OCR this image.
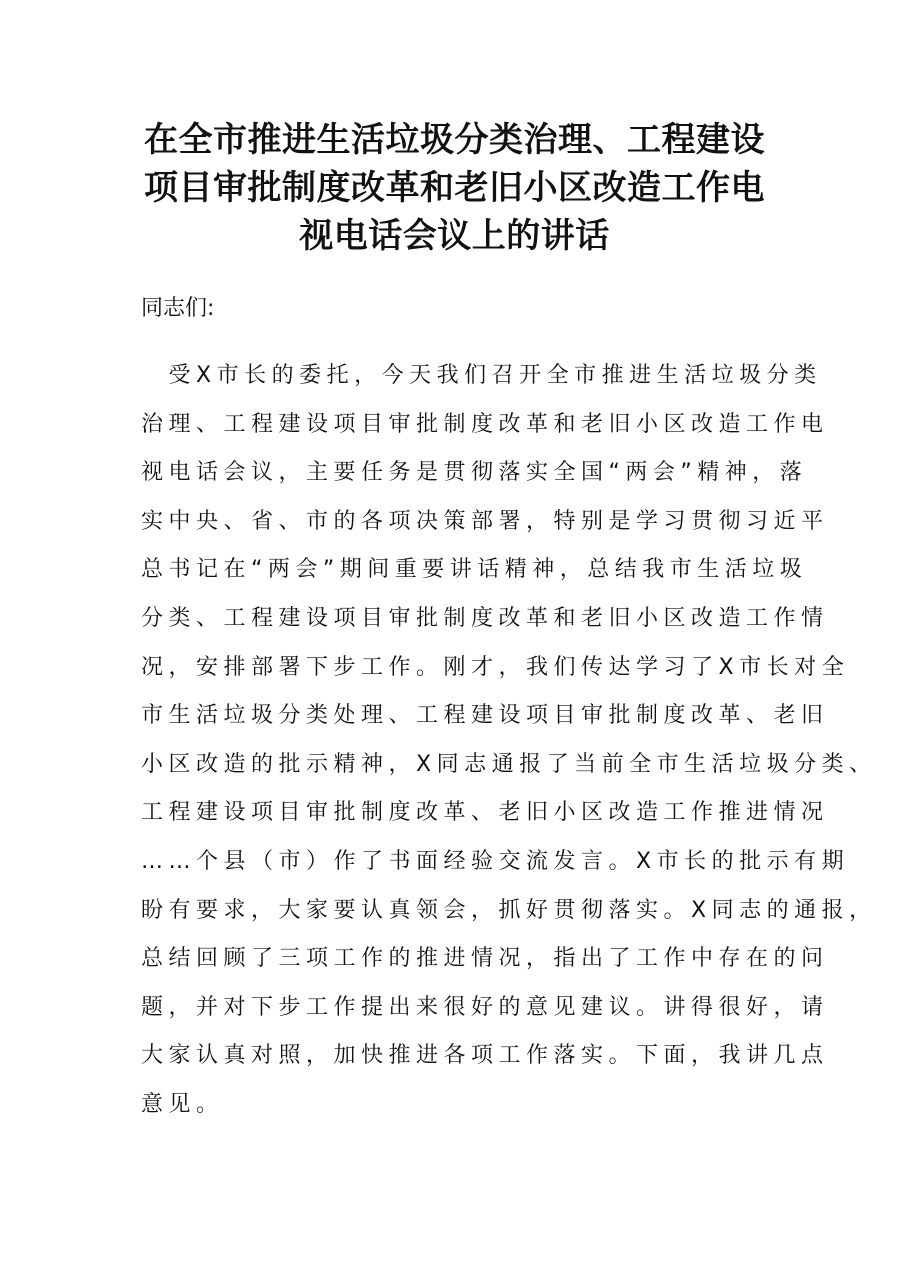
在全市推进生活垃圾分类治理、工程建设
项目审批制度改革和老旧小区改造工作电
视电话会议上的讲话

同志们:

　受X市长的委托，今天我们召开全市推进生活垃圾分类
治理、工程建设项目审批制度改革和老旧小区改造工作电
视电话会议，主要任务是贯彻落实全国“两会”精神，落
实中央、省、市的各项决策部署，特别是学习贯彻习近平
总书记在“两会”期间重要讲话精神，总结我市生活垃圾
分类、工程建设项目审批制度改革和老旧小区改造工作情
况，安排部署下步工作。刚才，我们传达学习了X市长对全
市生活垃圾分类处理、工程建设项目审批制度改革、老旧
小区改造的批示精神，X同志通报了当前全市生活垃圾分类、
工程建设项目审批制度改革、老旧小区改造工作推进情况
……个县（市）作了书面经验交流发言。X市长的批示有期
盼有要求，大家要认真领会，抓好贯彻落实。X同志的通报，
总结回顾了三项工作的推进情况，指出了工作中存在的问
题，并对下步工作提出来很好的意见建议。讲得很好，请
大家认真对照，加快推进各项工作落实。下面，我讲几点
意见。
